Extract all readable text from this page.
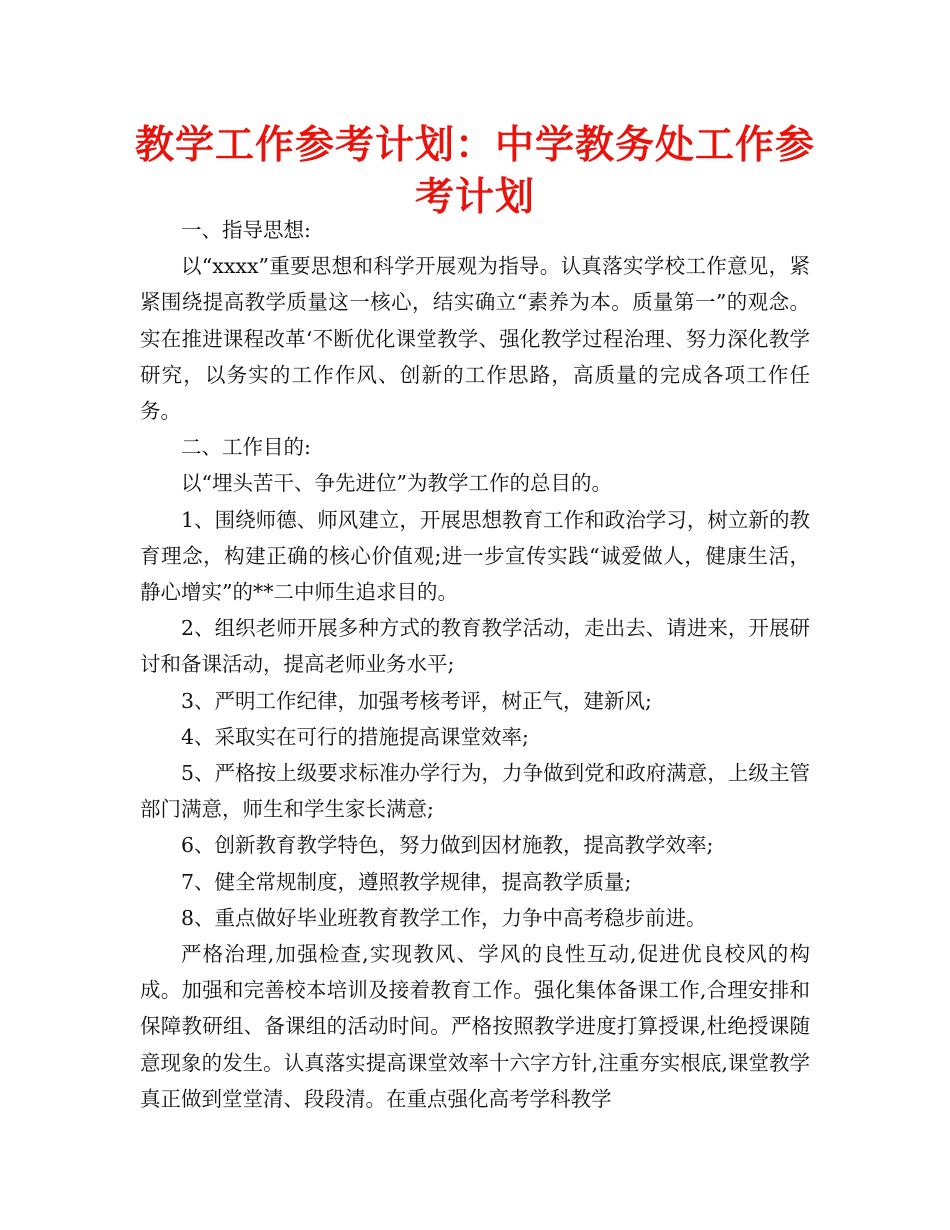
教学工作参考计划：中学教务处工作参考计划

一、指导思想:

以“xxxx”重要思想和科学开展观为指导。认真落实学校工作意见，紧紧围绕提高教学质量这一核心，结实确立“素养为本。质量第一”的观念。实在推进课程改革‘不断优化课堂教学、强化教学过程治理、努力深化教学研究，以务实的工作作风、创新的工作思路，高质量的完成各项工作任务。

二、工作目的:

以“埋头苦干、争先进位”为教学工作的总目的。

1、围绕师德、师风建立，开展思想教育工作和政治学习，树立新的教育理念，构建正确的核心价值观;进一步宣传实践“诚爱做人，健康生活，静心增实”的**二中师生追求目的。

2、组织老师开展多种方式的教育教学活动，走出去、请进来，开展研讨和备课活动，提高老师业务水平;

3、严明工作纪律，加强考核考评，树正气，建新风;

4、采取实在可行的措施提高课堂效率;

5、严格按上级要求标准办学行为，力争做到党和政府满意，上级主管部门满意，师生和学生家长满意;

6、创新教育教学特色，努力做到因材施教，提高教学效率;

7、健全常规制度，遵照教学规律，提高教学质量;

8、重点做好毕业班教育教学工作，力争中高考稳步前进。

严格治理,加强检查,实现教风、学风的良性互动,促进优良校风的构成。加强和完善校本培训及接着教育工作。强化集体备课工作,合理安排和保障教研组、备课组的活动时间。严格按照教学进度打算授课,杜绝授课随意现象的发生。认真落实提高课堂效率十六字方针,注重夯实根底,课堂教学真正做到堂堂清、段段清。在重点强化高考学科教学
